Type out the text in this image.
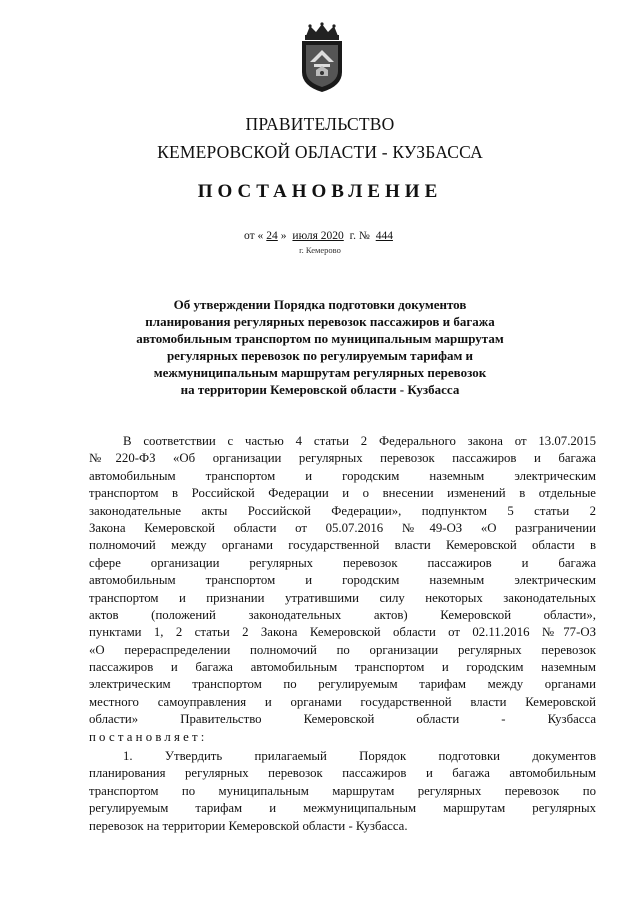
ПРАВИТЕЛЬСТВО
КЕМЕРОВСКОЙ ОБЛАСТИ - КУЗБАССА
ПОСТАНОВЛЕНИЕ
от « 24 » июля 2020 г. № 444
г. Кемерово
Об утверждении Порядка подготовки документов
планирования регулярных перевозок пассажиров и багажа
автомобильным транспортом по муниципальным маршрутам
регулярных перевозок по регулируемым тарифам и
межмуниципальным маршрутам регулярных перевозок
на территории Кемеровской области - Кузбасса
В соответствии с частью 4 статьи 2 Федерального закона от 13.07.2015
№220-ФЗ «Об организации регулярных перевозок пассажиров и багажа
автомобильным транспортом и городским наземным электрическим
транспортом в Российской Федерации и о внесении изменений в отдельные
законодательные акты Российской Федерации», подпунктом 5 статьи 2
Закона Кемеровской области от 05.07.2016 №49-ОЗ «О разграничении
полномочий между органами государственной власти Кемеровской области в
сфере организации регулярных перевозок пассажиров и багажа
автомобильным транспортом и городским наземным электрическим
транспортом и признании утратившими силу некоторых законодательных
актов (положений законодательных актов) Кемеровской области»,
пунктами 1, 2 статьи 2 Закона Кемеровской области от 02.11.2016 №77-ОЗ
«О перераспределении полномочий по организации регулярных перевозок
пассажиров и багажа автомобильным транспортом и городским наземным
электрическим транспортом по регулируемым тарифам между органами
местного самоуправления и органами государственной власти Кемеровской
области» Правительство Кемеровской области - Кузбасса
постановляет:
1. Утвердить прилагаемый Порядок подготовки документов
планирования регулярных перевозок пассажиров и багажа автомобильным
транспортом по муниципальным маршрутам регулярных перевозок по
регулируемым тарифам и межмуниципальным маршрутам регулярных
перевозок на территории Кемеровской области - Кузбасса.
